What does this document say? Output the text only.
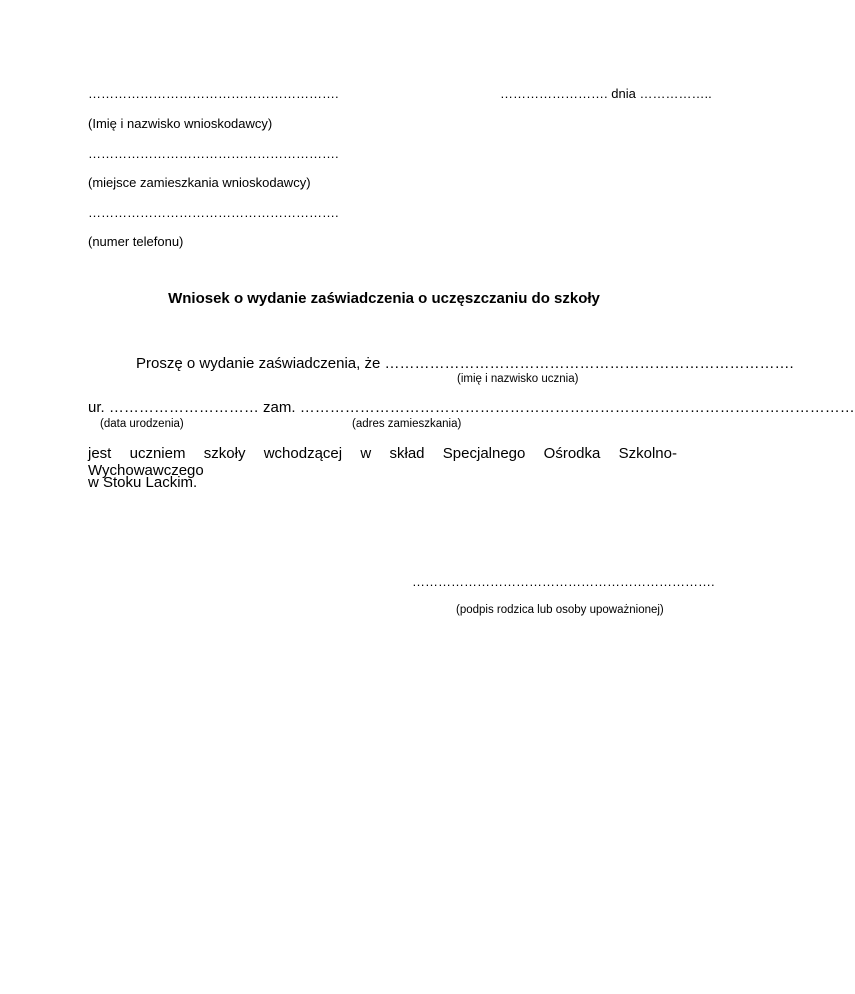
………………………………………………….	……………………. dnia ……………..
(Imię i nazwisko wnioskodawcy)
………………………………………………….
(miejsce zamieszkania wnioskodawcy)
………………………………………………….
(numer telefonu)
Wniosek o wydanie zaświadczenia o uczęszczaniu do szkoły
Proszę o wydanie zaświadczenia, że ……………………………………………………………………….
(imię i nazwisko ucznia)
ur. ………………………… zam. …………………………………………………………………………………………………
(data urodzenia)	(adres zamieszkania)
jest uczniem szkoły wchodzącej w skład Specjalnego Ośrodka Szkolno-Wychowawczego
w Stoku Lackim.
…………………………………………………………….
(podpis rodzica lub osoby upoważnionej)
